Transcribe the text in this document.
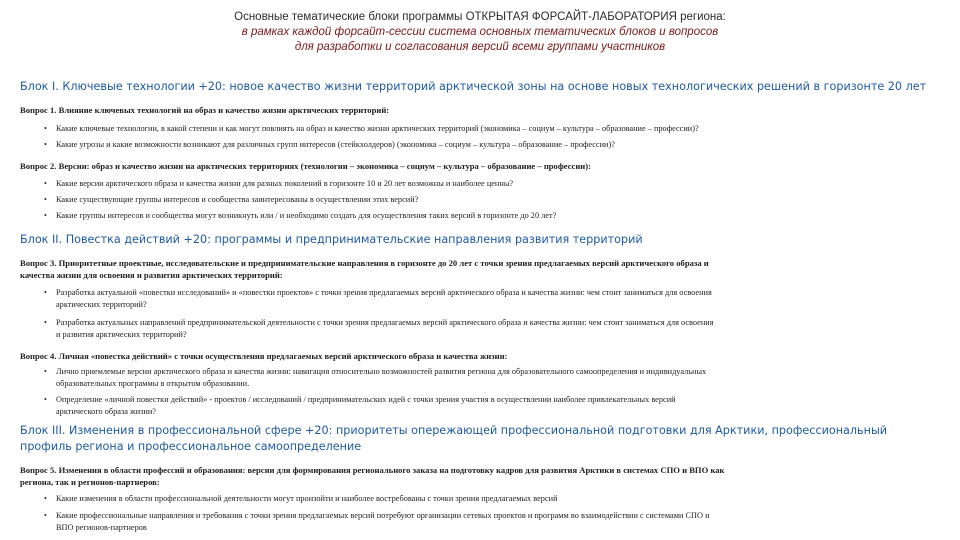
Основные тематические блоки программы ОТКРЫТАЯ ФОРСАЙТ-ЛАБОРАТОРИЯ региона:
в рамках каждой форсайт-сессии система основных тематических блоков и вопросов
для разработки и согласования версий всеми группами участников
Блок I. Ключевые технологии +20: новое качество жизни территорий арктической зоны на основе новых технологических решений в горизонте 20 лет
Вопрос 1. Влияние ключевых технологий на образ и качество жизни арктических территорий:
• Какие ключевые технологии, в какой степени и как могут повлиять на образ и качество жизни арктических территорий (экономика – социум – культура – образование – профессии)?
• Какие угрозы и какие возможности возникают для различных групп интересов (стейкхолдеров) (экономика – социум – культура – образование – профессии)?
Вопрос 2. Версии: образ и качество жизни на арктических территориях (технологии – экономика – социум – культура – образование – профессии):
• Какие версии арктического образа и качества жизни для разных поколений в горизонте 10 и 20 лет возможны и наиболее ценны?
• Какие существующие группы интересов и сообщества заинтересованы в осуществлении этих версий?
• Какие группы интересов и сообщества могут возникнуть или / и необходимо создать для осуществления таких версий в горизонте до 20 лет?
Блок II. Повестка действий +20: программы и предпринимательские направления развития территорий
Вопрос 3. Приоритетные проектные, исследовательские и предпринимательские направления в горизонте до 20 лет с точки зрения предлагаемых версий арктического образа и
качества жизни для освоения и развития арктических территорий:
• Разработка актуальной «повестки исследований» и «повестки проектов» с точки зрения предлагаемых версий арктического образа и качества жизни: чем стоит заниматься для освоения
арктических территорий?
• Разработка актуальных направлений предпринимательской деятельности с точки зрения предлагаемых версий арктического образа и качества жизни: чем стоит заниматься для освоения
и развития арктических территорий?
Вопрос 4. Личная «повестка действий» с точки осуществления предлагаемых версий арктического образа и качества жизни:
• Лично приемлемые версии арктического образа и качества жизни: навигация относительно возможностей развития региона для образовательного самоопределения и индивидуальных
образовательных программы в открытом образовании.
• Определение «личной повестки действий» - проектов / исследований / предпринимательских идей с точки зрения участия в осуществлении наиболее привлекательных версий
арктического образа жизни?
Блок III. Изменения в профессиональной сфере +20: приоритеты опережающей профессиональной подготовки для Арктики, профессиональный
профиль региона и профессиональное самоопределение
Вопрос 5. Изменения в области профессий и образования: версии для формирования регионального заказа на подготовку кадров для развития Арктики в системах СПО и ВПО как
региона, так и регионов-партнеров:
• Какие изменения в области профессиональной деятельности могут произойти и наиболее востребованы с точки зрения предлагаемых версий
• Какие профессиональные направления и требования с точки зрения предлагаемых версий потребуют организации сетевых проектов и программ во взаимодействии с системами СПО и
ВПО регионов-партнеров
